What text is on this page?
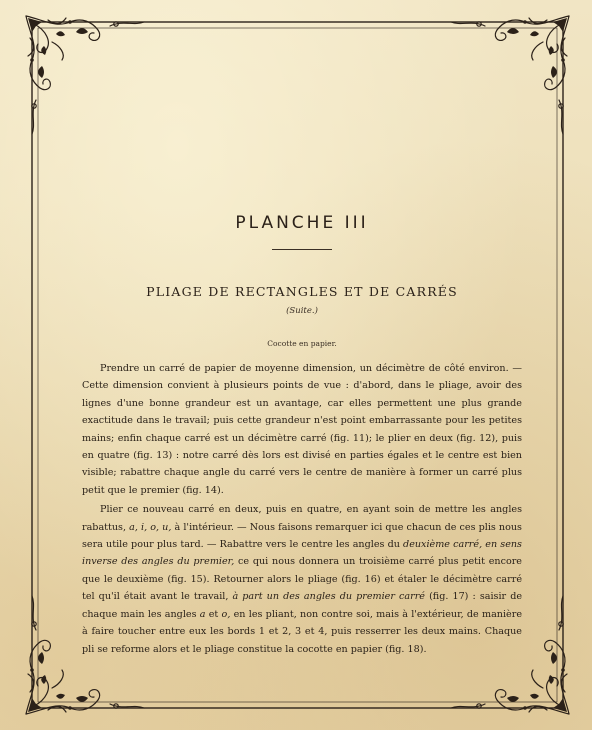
PLANCHE III
PLIAGE DE RECTANGLES ET DE CARRÉS
(Suite.)
Cocotte en papier.

Prendre un carré de papier de moyenne dimension, un décimètre de côté environ. — Cette dimension convient à plusieurs points de vue : d'abord, dans le pliage, avoir des lignes d'une bonne grandeur est un avantage, car elles permettent une plus grande exactitude dans le travail; puis cette grandeur n'est point embarrassante pour les petites mains; enfin chaque carré est un décimètre carré (fig. 11); le plier en deux (fig. 12), puis en quatre (fig. 13) : notre carré dès lors est divisé en parties égales et le centre est bien visible; rabattre chaque angle du carré vers le centre de manière à former un carré plus petit que le premier (fig. 14).

Plier ce nouveau carré en deux, puis en quatre, en ayant soin de mettre les angles rabattus, a, i, o, u, à l'intérieur. — Nous faisons remarquer ici que chacun de ces plis nous sera utile pour plus tard. — Rabattre vers le centre les angles du deuxième carré, en sens inverse des angles du premier, ce qui nous donnera un troisième carré plus petit encore que le deuxième (fig. 15). Retourner alors le pliage (fig. 16) et étaler le décimètre carré tel qu'il était avant le travail, à part un des angles du premier carré (fig. 17) : saisir de chaque main les angles a et o, en les pliant, non contre soi, mais à l'extérieur, de manière à faire toucher entre eux les bords 1 et 2, 3 et 4, puis resserrer les deux mains. Chaque pli se reforme alors et le pliage constitue la cocotte en papier (fig. 18).
